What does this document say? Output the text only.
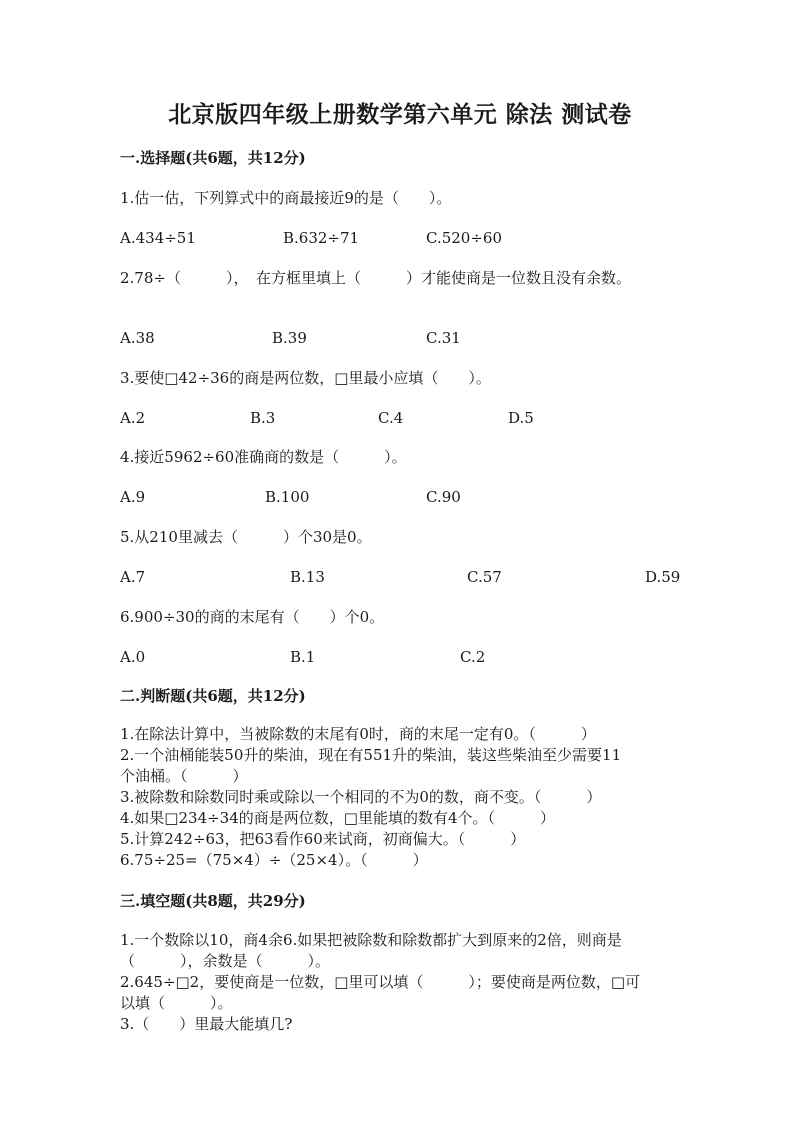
北京版四年级上册数学第六单元 除法 测试卷
一.选择题(共6题，共12分)
1.估一估，下列算式中的商最接近9的是（　　）。
A.434÷51	B.632÷71	C.520÷60
2.78÷（　　　），　在方框里填上（　　　）才能使商是一位数且没有余数。
A.38	B.39	C.31
3.要使□42÷36的商是两位数，□里最小应填（　　）。
A.2	B.3	C.4	D.5
4.接近5962÷60准确商的数是（　　　）。
A.9	B.100	C.90
5.从210里减去（　　　）个30是0。
A.7	B.13	C.57	D.59
6.900÷30的商的末尾有（　　）个0。
A.0	B.1	C.2
二.判断题(共6题，共12分)
1.在除法计算中，当被除数的末尾有0时，商的末尾一定有0。（　　　）
2.一个油桶能装50升的柴油，现在有551升的柴油，装这些柴油至少需要11
个油桶。（　　　）
3.被除数和除数同时乘或除以一个相同的不为0的数，商不变。（　　　）
4.如果□234÷34的商是两位数，□里能填的数有4个。（　　　）
5.计算242÷63，把63看作60来试商，初商偏大。（　　　）
6.75÷25=（75×4）÷（25×4）。（　　　）
三.填空题(共8题，共29分)
1.一个数除以10，商4余6.如果把被除数和除数都扩大到原来的2倍，则商是
（　　　），余数是（　　　）。
2.645÷□2，要使商是一位数，□里可以填（　　　）；要使商是两位数，□可
以填（　　　）。
3.（　　）里最大能填几?
